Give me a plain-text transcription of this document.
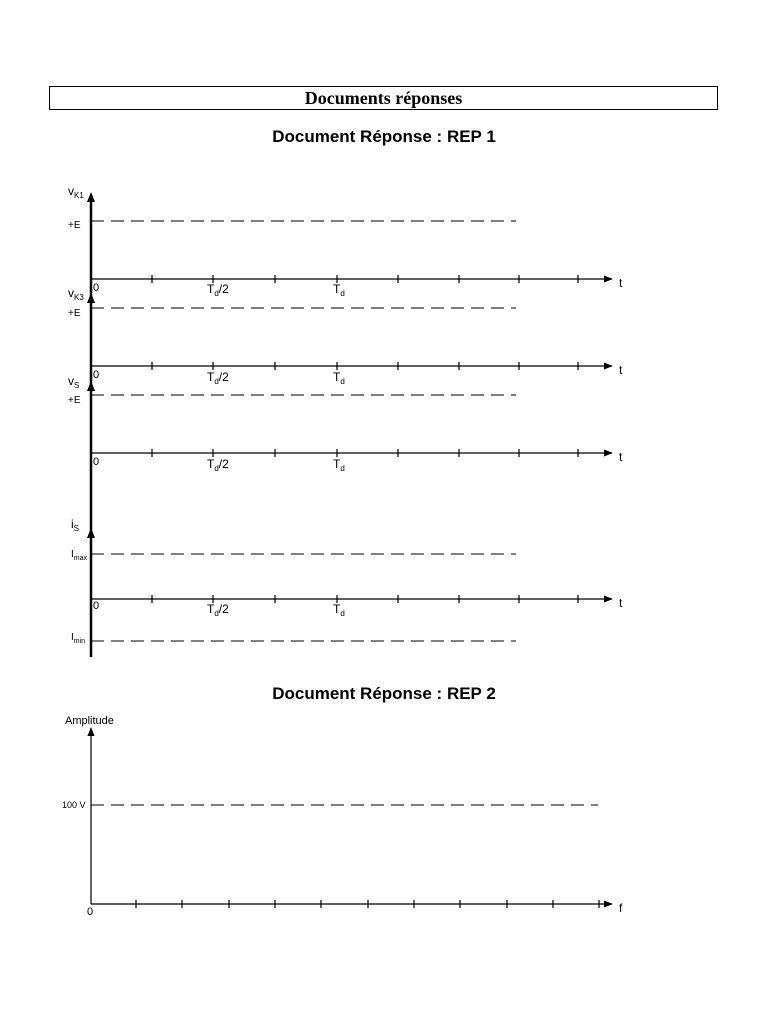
Documents réponses
Document Réponse : REP 1
Document Réponse : REP 2
$v_{K1}$
+E
0	$T_d/2$	$T_d$
t
$v_{K3}$
+E
0	$T_d/2$	$T_d$
t
$v_S$
+E
0	$T_d/2$	$T_d$
t
$i_S$
$I_{max}$
0	$T_d/2$	$T_d$
t
$I_{min}$
Amplitude
100 V
0	f
